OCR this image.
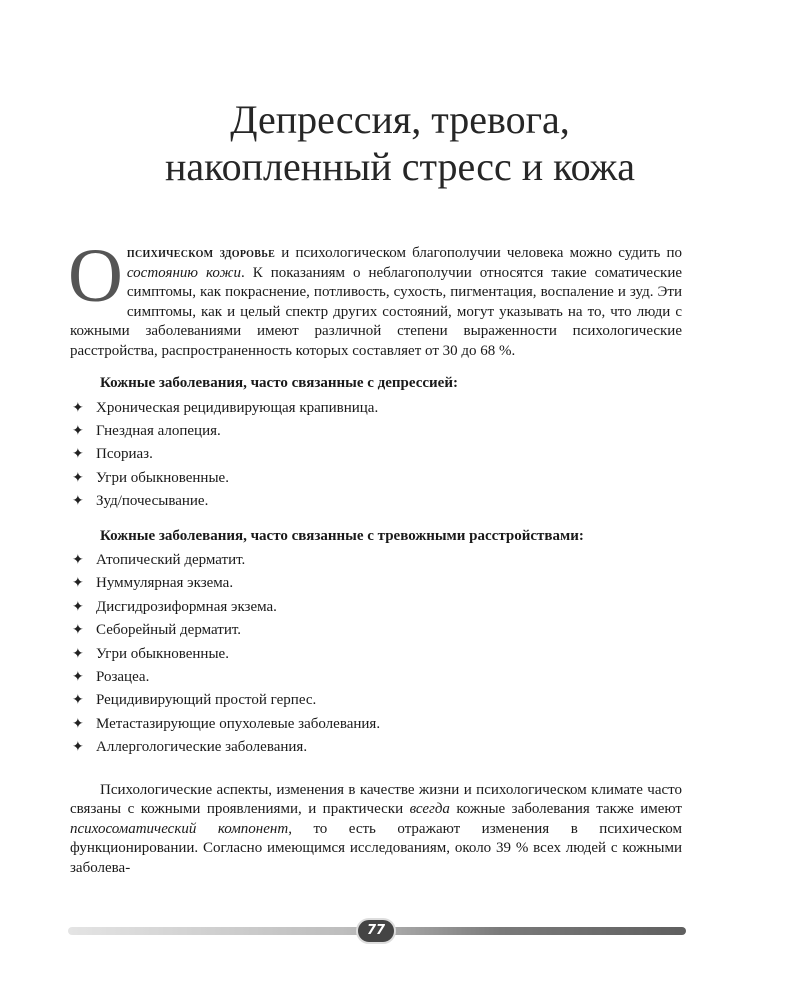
Депрессия, тревога,
накопленный стресс и кожа

Опсихическом здоровье и психологическом благополучии человека можно судить по состоянию кожи. К показаниям о неблагополучии относятся такие соматические симптомы, как покраснение, потливость, сухость, пигментация, воспаление и зуд. Эти симптомы, как и целый спектр других состояний, могут указывать на то, что люди с кожными заболеваниями имеют различной степени выраженности психологические расстройства, распространенность которых составляет от 30 до 68 %.

Кожные заболевания, часто связанные с депрессией:

✦ Хроническая рецидивирующая крапивница.
✦ Гнездная алопеция.
✦ Псориаз.
✦ Угри обыкновенные.
✦ Зуд/почесывание.

Кожные заболевания, часто связанные с тревожными расстройствами:

✦ Атопический дерматит.
✦ Нуммулярная экзема.
✦ Дисгидрозиформная экзема.
✦ Себорейный дерматит.
✦ Угри обыкновенные.
✦ Розацеа.
✦ Рецидивирующий простой герпес.
✦ Метастазирующие опухолевые заболевания.
✦ Аллергологические заболевания.

Психологические аспекты, изменения в качестве жизни и психологическом климате часто связаны с кожными проявлениями, и практически всегда кожные заболевания также имеют психосоматический компонент, то есть отражают изменения в психическом функционировании. Согласно имеющимся исследованиям, около 39 % всех людей с кожными заболева-

77
